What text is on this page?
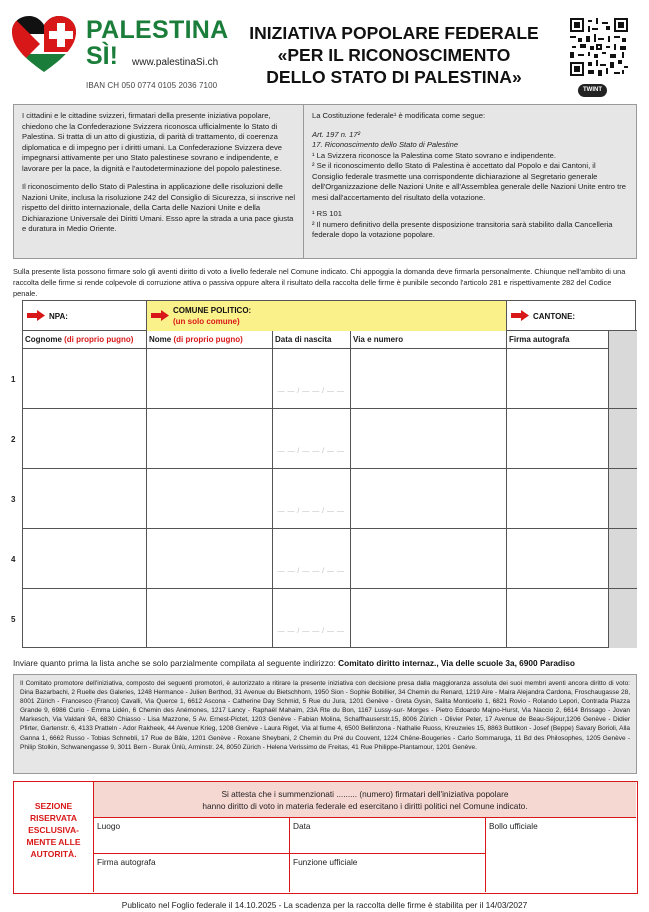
PALESTINA
SÌ! www.palestinaSi.ch
IBAN CH 050 0774 0105 2036 7100
INIZIATIVA POPOLARE FEDERALE
«PER IL RICONOSCIMENTO
DELLO STATO DI PALESTINA»
TWINT

I cittadini e le cittadine svizzeri, firmatari della presente iniziativa popolare, chiedono che la Confederazione Svizzera riconosca ufficialmente lo Stato di Palestina. Si tratta di un atto di giustizia, di parità di trattamento, di coerenza diplomatica e di impegno per i diritti umani. La Confederazione Svizzera deve impegnarsi attivamente per uno Stato palestinese sovrano e indipendente, e lavorare per la pace, la dignità e l'autodeterminazione del popolo palestinese.

Il riconoscimento dello Stato di Palestina in applicazione delle risoluzioni delle Nazioni Unite, inclusa la risoluzione 242 del Consiglio di Sicurezza, si inscrive nel rispetto del diritto internazionale, della Carta delle Nazioni Unite e della Dichiarazione Universale dei Diritti Umani. Esso apre la strada a una pace giusta e duratura in Medio Oriente.

La Costituzione federale¹ è modificata come segue:
Art. 197 n. 17²
17. Riconoscimento dello Stato di Palestine
¹ La Svizzera riconosce la Palestina come Stato sovrano e indipendente.
² Se il riconoscimento dello Stato di Palestina è accettato dal Popolo e dai Cantoni, il Consiglio federale trasmette una corrispondente dichiarazione al Segretario generale dell'Organizzazione delle Nazioni Unite e all'Assemblea generale delle Nazioni Unite entro tre mesi dall'accertamento del risultato della votazione.
¹ RS 101
² Il numero definitivo della presente disposizione transitoria sarà stabilito dalla Cancelleria federale dopo la votazione popolare.
Sulla presente lista possono firmare solo gli aventi diritto di voto a livello federale nel Comune indicato. Chi appoggia la domanda deve firmarla personalmente. Chiunque nell'ambito di una raccolta delle firme si rende colpevole di corruzione attiva o passiva oppure altera il risultato della raccolta delle firme è punibile secondo l'articolo 281 e rispettivamente 282 del Codice penale.
NPA:
COMUNE POLITICO:
(un solo comune)
CANTONE:
Cognome (di proprio pugno)	Nome (di proprio pugno)	Data di nascita	Via e numero	Firma autografa
— — / — — / — —
— — / — — / — —
— — / — — / — —
— — / — — / — —
— — / — — / — —
Inviare quanto prima la lista anche se solo parzialmente compilata al seguente indirizzo: Comitato diritto internaz., Via delle scuole 3a, 6900 Paradiso
Il Comitato promotore dell'iniziativa, composto dei seguenti promotori, è autorizzato a ritirare la presente iniziativa con decisione presa dalla maggioranza assoluta dei suoi membri aventi ancora diritto di voto: Dina Bazarbachi, 2 Ruelle des Galeries, 1248 Hermance - Julien Berthod, 31 Avenue du Bietschhorn, 1950 Sion - Sophie Bobillier, 34 Chemin du Renard, 1219 Aire - Maira Alejandra Cardona, Froschaugasse 28, 8001 Zürich - Francesco (Franco) Cavalli, Via Querce 1, 6612 Ascona - Catherine Day Schmid, 5 Rue du Jura, 1201 Genève - Greta Gysin, Salita Monticello 1, 6821 Rovio - Rolando Lepori, Contrada Piazza Grande 9, 6986 Curio - Emma Lidén, 6 Chemin des Anémones, 1217 Lancy - Raphaël Mahaim, 23A Rte du Bon, 1167 Lussy-sur- Morges - Pietro Edoardo Majno-Hurst, Via Naccio 2, 6614 Brissago - Jovan Markesch, Via Valdani 9A, 6830 Chiasso - Lisa Mazzone, 5 Av. Ernest-Pictet, 1203 Genève - Fabian Molina, Schaffhauserstr.15, 8006 Zürich - Olivier Peter, 17 Avenue de Beau-Séjour,1206 Genève - Didier Pfirter, Gartenstr. 6, 4133 Pratteln - Ador Rakheek, 44 Avenue Krieg, 1208 Genève - Laura Riget, Via al fiume 4, 6500 Bellinzona - Nathalie Ruoss, Kreuzwies 15, 8863 Buttikon - Josef (Beppe) Savary Borioli, Alla Ganna 1, 6662 Russo - Tobias Schnebli, 17 Rue de Bâle, 1201 Genève - Roxane Sheybani, 2 Chemin du Pré du Couvent, 1224 Chêne-Bougeries - Carlo Sommaruga, 11 Bd des Philosophes, 1205 Genève - Philip Stolkin, Schwanengasse 9, 3011 Bern - Burak Ünlü, Arminstr. 24, 8050 Zürich - Helena Verissimo de Freitas, 41 Rue Philippe-Plantamour, 1201 Genève.
SEZIONE
RISERVATA
ESCLUSIVA-
MENTE ALLE
AUTORITÀ.
Si attesta che i summenzionati ......... (numero) firmatari dell'iniziativa popolare
hanno diritto di voto in materia federale ed esercitano i diritti politici nel Comune indicato.
Luogo	Data	Bollo ufficiale
Firma autografa	Funzione ufficiale
Publicato nel Foglio federale il 14.10.2025 - La scadenza per la raccolta delle firme è stabilita per il 14/03/2027
1
2
3
4
5
